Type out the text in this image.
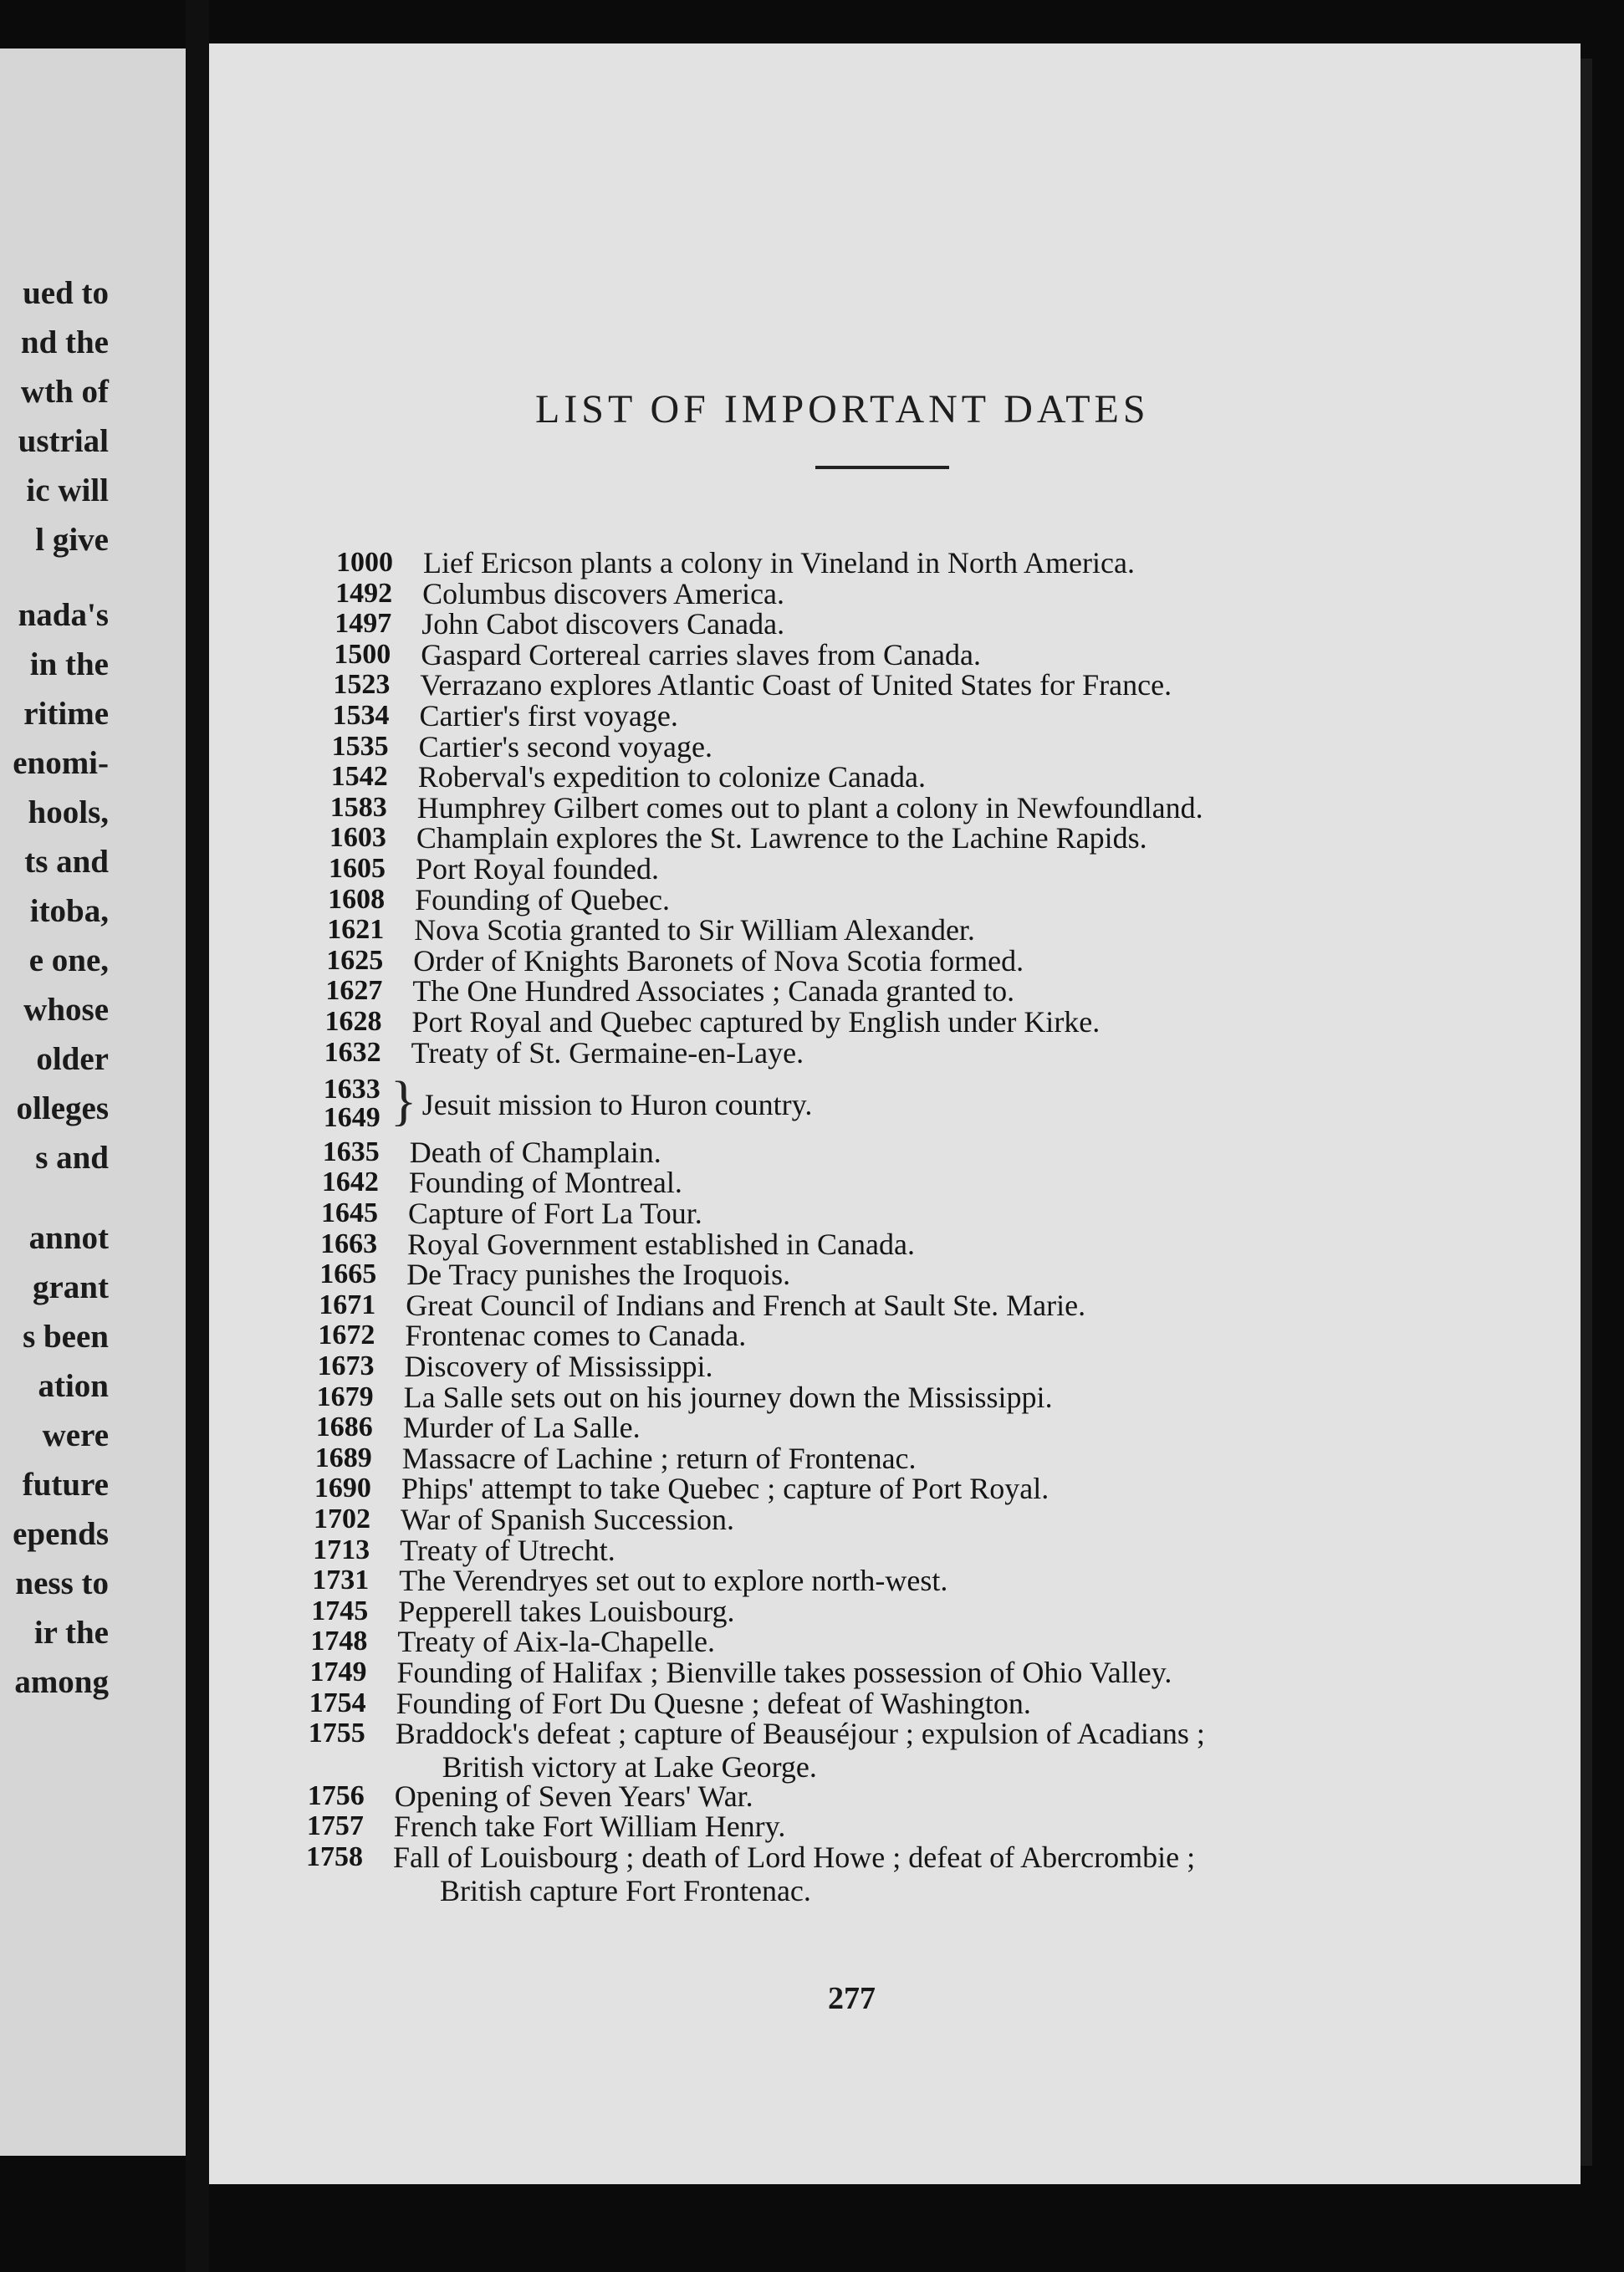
ued to
nd the
wth of
ustrial
ic will
l give
nada's
in the
ritime
enomi-
hools,
ts and
itoba,
e one,
whose
older
olleges
s and
annot
grant
s been
ation
were
future
epends
ness to
ir the
among
LIST OF IMPORTANT DATES
1000 Lief Ericson plants a colony in Vineland in North America.
1492 Columbus discovers America.
1497 John Cabot discovers Canada.
1500 Gaspard Cortereal carries slaves from Canada.
1523 Verrazano explores Atlantic Coast of United States for France.
1534 Cartier's first voyage.
1535 Cartier's second voyage.
1542 Roberval's expedition to colonize Canada.
1583 Humphrey Gilbert comes out to plant a colony in Newfoundland.
1603 Champlain explores the St. Lawrence to the Lachine Rapids.
1605 Port Royal founded.
1608 Founding of Quebec.
1621 Nova Scotia granted to Sir William Alexander.
1625 Order of Knights Baronets of Nova Scotia formed.
1627 The One Hundred Associates ; Canada granted to.
1628 Port Royal and Quebec captured by English under Kirke.
1632 Treaty of St. Germaine-en-Laye.
1633 Jesuit mission to Huron country.
1649 }
1635 Death of Champlain.
1642 Founding of Montreal.
1645 Capture of Fort La Tour.
1663 Royal Government established in Canada.
1665 De Tracy punishes the Iroquois.
1671 Great Council of Indians and French at Sault Ste. Marie.
1672 Frontenac comes to Canada.
1673 Discovery of Mississippi.
1679 La Salle sets out on his journey down the Mississippi.
1686 Murder of La Salle.
1689 Massacre of Lachine ; return of Frontenac.
1690 Phips' attempt to take Quebec ; capture of Port Royal.
1702 War of Spanish Succession.
1713 Treaty of Utrecht.
1731 The Verendryes set out to explore north-west.
1745 Pepperell takes Louisbourg.
1748 Treaty of Aix-la-Chapelle.
1749 Founding of Halifax ; Bienville takes possession of Ohio Valley.
1754 Founding of Fort Du Quesne ; defeat of Washington.
1755 Braddock's defeat ; capture of Beauséjour ; expulsion of Acadians ;
British victory at Lake George.
1756 Opening of Seven Years' War.
1757 French take Fort William Henry.
1758 Fall of Louisbourg ; death of Lord Howe ; defeat of Abercrombie ;
British capture Fort Frontenac.
277
